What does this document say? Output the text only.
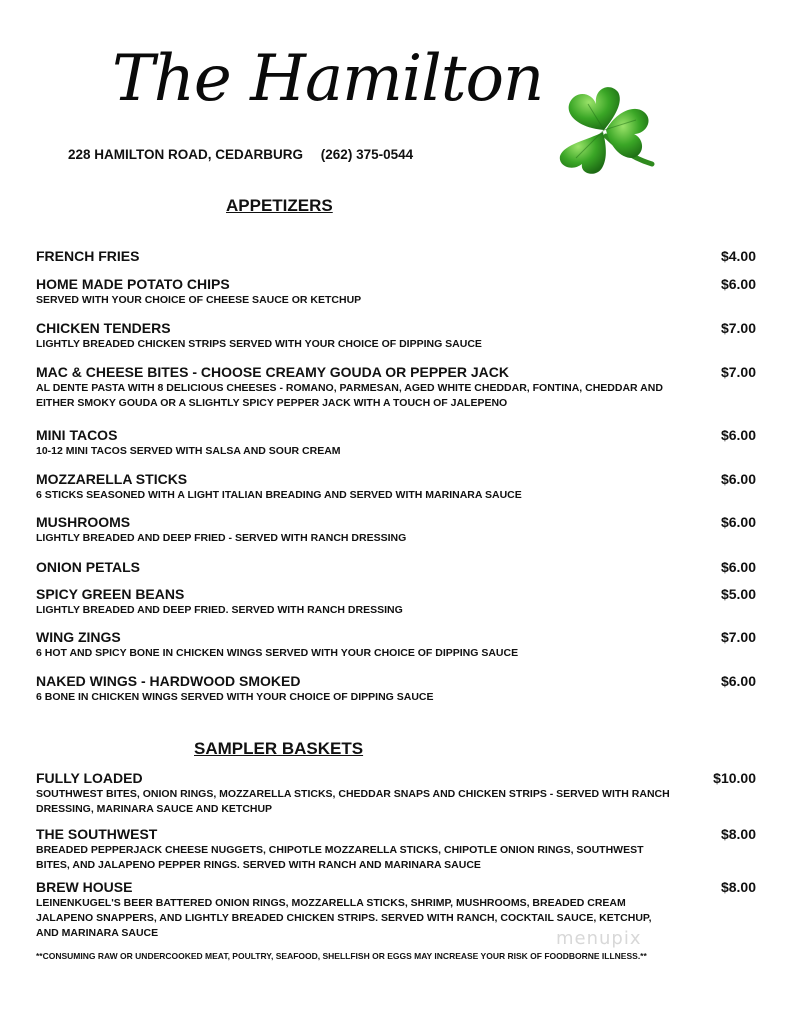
The Hamilton
228 HAMILTON ROAD, CEDARBURG (262) 375-0544
APPETIZERS
FRENCH FRIES	$4.00
HOME MADE POTATO CHIPS	$6.00
SERVED WITH YOUR CHOICE OF CHEESE SAUCE OR KETCHUP
CHICKEN TENDERS	$7.00
LIGHTLY BREADED CHICKEN STRIPS SERVED WITH YOUR CHOICE OF DIPPING SAUCE
MAC & CHEESE BITES - CHOOSE CREAMY GOUDA OR PEPPER JACK	$7.00
AL DENTE PASTA WITH 8 DELICIOUS CHEESES - ROMANO, PARMESAN, AGED WHITE CHEDDAR, FONTINA, CHEDDAR AND EITHER SMOKY GOUDA OR A SLIGHTLY SPICY PEPPER JACK WITH A TOUCH OF JALEPENO
MINI TACOS	$6.00
10-12 MINI TACOS SERVED WITH SALSA AND SOUR CREAM
MOZZARELLA STICKS	$6.00
6 STICKS SEASONED WITH A LIGHT ITALIAN BREADING AND SERVED WITH MARINARA SAUCE
MUSHROOMS	$6.00
LIGHTLY BREADED AND DEEP FRIED - SERVED WITH RANCH DRESSING
ONION PETALS	$6.00
SPICY GREEN BEANS	$5.00
LIGHTLY BREADED AND DEEP FRIED. SERVED WITH RANCH DRESSING
WING ZINGS	$7.00
6 HOT AND SPICY BONE IN CHICKEN WINGS SERVED WITH YOUR CHOICE OF DIPPING SAUCE
NAKED WINGS - HARDWOOD SMOKED	$6.00
6 BONE IN CHICKEN WINGS SERVED WITH YOUR CHOICE OF DIPPING SAUCE
SAMPLER BASKETS
FULLY LOADED	$10.00
SOUTHWEST BITES, ONION RINGS, MOZZARELLA STICKS, CHEDDAR SNAPS AND CHICKEN STRIPS - SERVED WITH RANCH DRESSING, MARINARA SAUCE AND KETCHUP
THE SOUTHWEST	$8.00
BREADED PEPPERJACK CHEESE NUGGETS, CHIPOTLE MOZZARELLA STICKS, CHIPOTLE ONION RINGS, SOUTHWEST BITES, AND JALAPENO PEPPER RINGS. SERVED WITH RANCH AND MARINARA SAUCE
BREW HOUSE	$8.00
LEINENKUGEL'S BEER BATTERED ONION RINGS, MOZZARELLA STICKS, SHRIMP, MUSHROOMS, BREADED CREAM JALAPENO SNAPPERS, AND LIGHTLY BREADED CHICKEN STRIPS. SERVED WITH RANCH, COCKTAIL SAUCE, KETCHUP, AND MARINARA SAUCE	menupix
**CONSUMING RAW OR UNDERCOOKED MEAT, POULTRY, SEAFOOD, SHELLFISH OR EGGS MAY INCREASE YOUR RISK OF FOODBORNE ILLNESS.**
